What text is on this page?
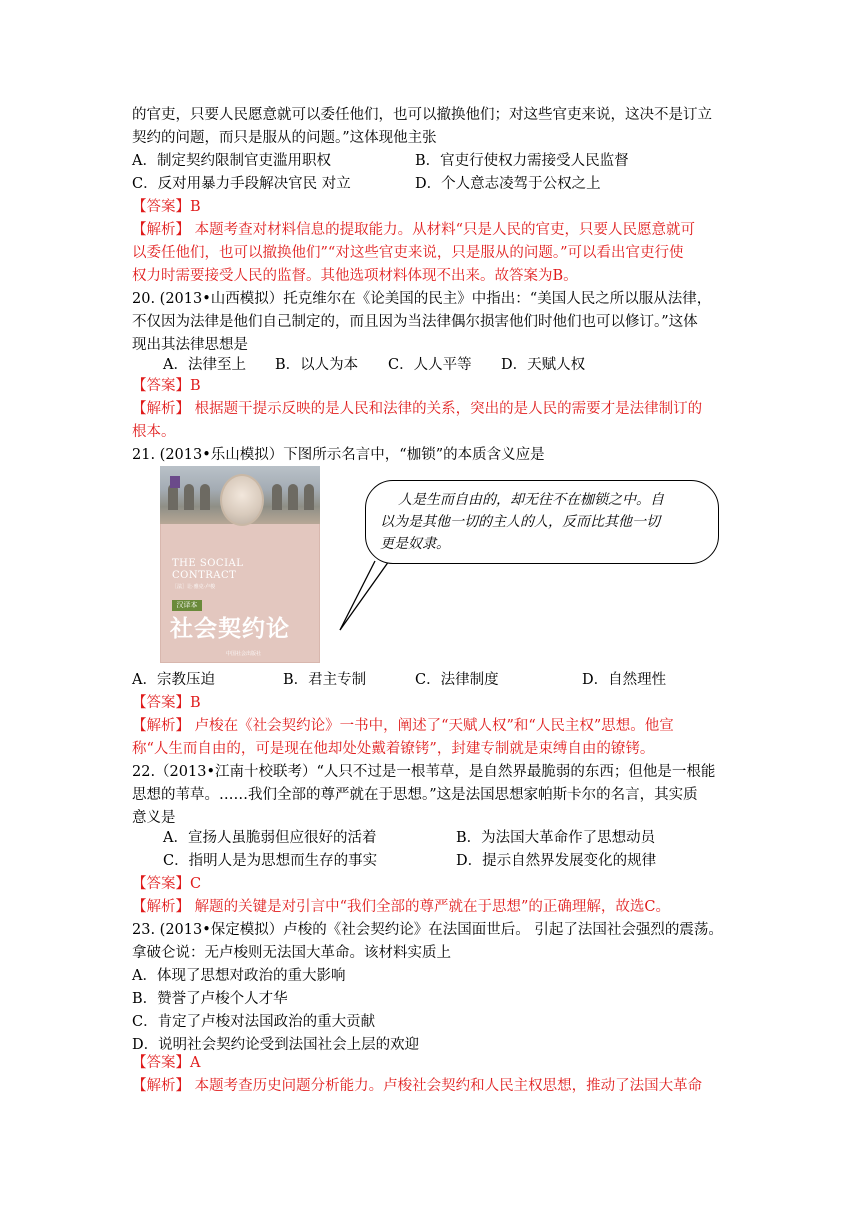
的官吏，只要人民愿意就可以委任他们，也可以撤换他们；对这些官吏来说，这决不是订立
契约的问题，而只是服从的问题。”这体现他主张
A．制定契约限制官吏滥用职权	B．官吏行使权力需接受人民监督
C．反对用暴力手段解决官民 对立	D．个人意志凌驾于公权之上
【答案】B
【解析】 本题考查对材料信息的提取能力。从材料“只是人民的官吏，只要人民愿意就可
以委任他们，也可以撤换他们”“对这些官吏来说，只是服从的问题。”可以看出官吏行使
权力时需要接受人民的监督。其他选项材料体现不出来。故答案为B。
20. (2013•山西模拟）托克维尔在《论美国的民主》中指出：“美国人民之所以服从法律，
不仅因为法律是他们自己制定的，而且因为当法律偶尔损害他们时他们也可以修订。”这体
现出其法律思想是
A．法律至上 B．以人为本 C．人人平等 D．天赋人权
【答案】B
【解析】 根据题干提示反映的是人民和法律的关系，突出的是人民的需要才是法律制订的
根本。
21. (2013•乐山模拟）下图所示名言中，“枷锁”的本质含义应是
THE SOCIAL
CONTRACT
［法］让·雅克·卢梭
汉译本
社会契约论
中国社会出版社
人是生而自由的，却无往不在枷锁之中。自
以为是其他一切的主人的人，反而比其他一切
更是奴隶。
A．宗教压迫	B．君主专制	C．法律制度	D．自然理性
【答案】B
【解析】 卢梭在《社会契约论》一书中，阐述了“天赋人权”和“人民主权”思想。他宣
称“人生而自由的，可是现在他却处处戴着镣铐”，封建专制就是束缚自由的镣铐。
22.（2013•江南十校联考）“人只不过是一根苇草，是自然界最脆弱的东西；但他是一根能
思想的苇草。……我们全部的尊严就在于思想。”这是法国思想家帕斯卡尔的名言，其实质
意义是
A．宣扬人虽脆弱但应很好的活着	B．为法国大革命作了思想动员
C．指明人是为思想而生存的事实	D．提示自然界发展变化的规律
【答案】C
【解析】 解题的关键是对引言中“我们全部的尊严就在于思想”的正确理解，故选C。
23. (2013•保定模拟）卢梭的《社会契约论》在法国面世后。 引起了法国社会强烈的震荡。
拿破仑说：无卢梭则无法国大革命。该材料实质上
A．体现了思想对政治的重大影响
B．赞誉了卢梭个人才华
C．肯定了卢梭对法国政治的重大贡献
D．说明社会契约论受到法国社会上层的欢迎
【答案】A
【解析】 本题考查历史问题分析能力。卢梭社会契约和人民主权思想，推动了法国大革命
